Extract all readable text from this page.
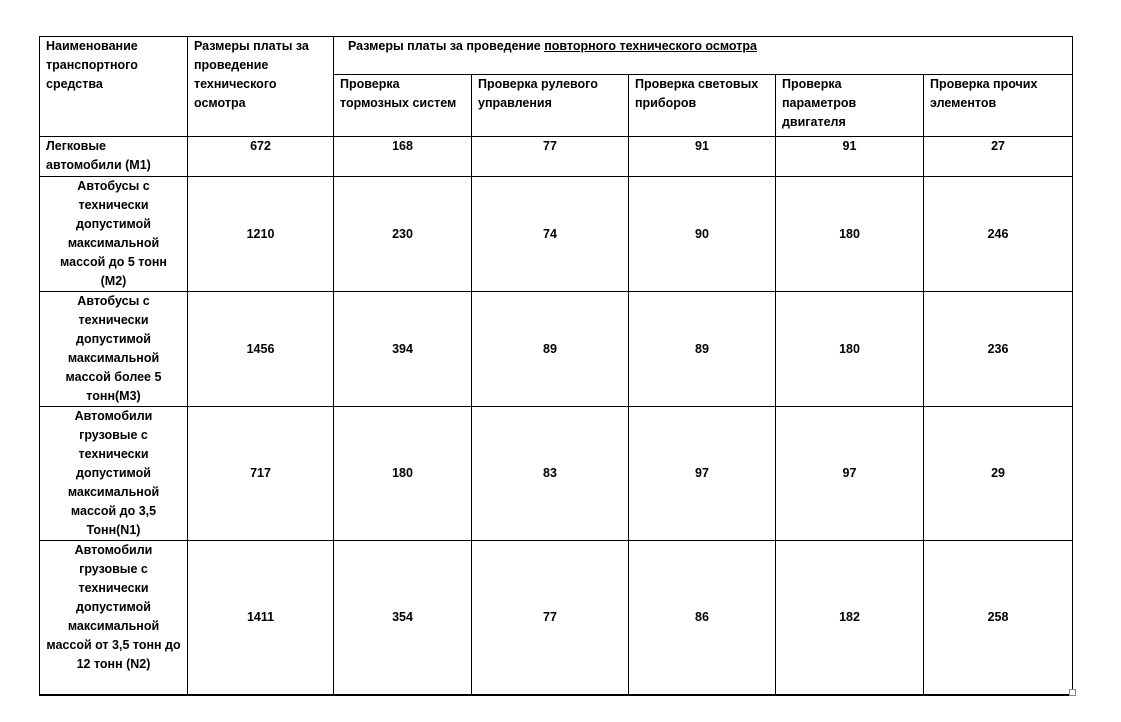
Наименование транспортного средства	Размеры платы за проведение технического осмотра	Размеры платы за проведение повторного технического осмотра				
		Проверка тормозных систем	Проверка рулевого управления	Проверка световых приборов	Проверка параметров двигателя	Проверка прочих элементов
Легковые автомобили (М1)	672	168	77	91	91	27
Автобусы с технически допустимой максимальной массой до 5 тонн (М2)	1210	230	74	90	180	246
Автобусы с технически допустимой максимальной массой более 5 тонн(М3)	1456	394	89	89	180	236
Автомобили грузовые с технически допустимой максимальной массой до 3,5 Тонн(N1)	717	180	83	97	97	29
Автомобили грузовые с технически допустимой максимальной массой от 3,5 тонн до 12 тонн (N2)	1411	354	77	86	182	258
